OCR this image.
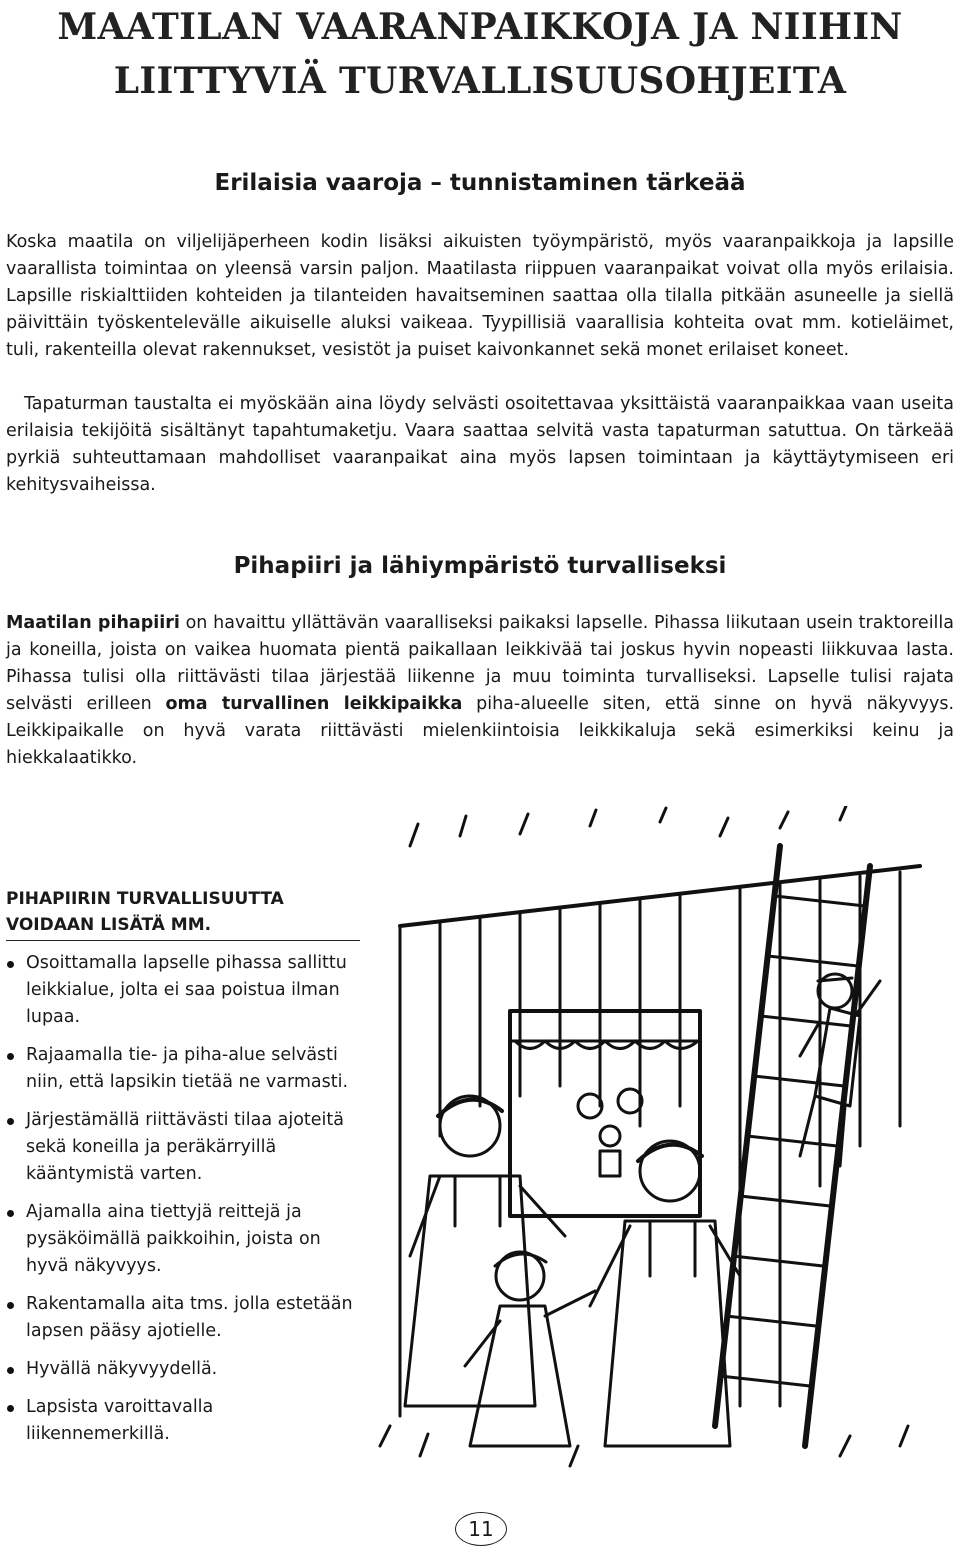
MAATILAN VAARANPAIKKOJA JA NIIHIN
LIITTYVIÄ TURVALLISUUSOHJEITA
Erilaisia vaaroja – tunnistaminen tärkeää

Koska maatila on viljelijäperheen kodin lisäksi aikuisten työympäristö, myös vaaranpaikkoja ja lapsille vaarallista toimintaa on yleensä varsin paljon. Maatilasta riippuen vaaranpaikat voivat olla myös erilaisia. Lapsille riskialttiiden kohteiden ja tilanteiden havaitseminen saattaa olla tilalla pitkään asuneelle ja siellä päivittäin työskentelevälle aikuiselle aluksi vaikeaa. Tyypillisiä vaarallisia kohteita ovat mm. kotieläimet, tuli, rakenteilla olevat rakennukset, vesistöt ja puiset kaivonkannet sekä monet erilaiset koneet.

Tapaturman taustalta ei myöskään aina löydy selvästi osoitettavaa yksittäistä vaaranpaikkaa vaan useita erilaisia tekijöitä sisältänyt tapahtumaketju. Vaara saattaa selvitä vasta tapaturman satuttua. On tärkeää pyrkiä suhteuttamaan mahdolliset vaaranpaikat aina myös lapsen toimintaan ja käyttäytymiseen eri kehitysvaiheissa.

Pihapiiri ja lähiympäristö turvalliseksi

Maatilan pihapiiri on havaittu yllättävän vaaralliseksi paikaksi lapselle. Pihassa liikutaan usein traktoreilla ja koneilla, joista on vaikea huomata pientä paikallaan leikkivää tai joskus hyvin nopeasti liikkuvaa lasta. Pihassa tulisi olla riittävästi tilaa järjestää liikenne ja muu toiminta turvalliseksi. Lapselle tulisi rajata selvästi erilleen oma turvallinen leikkipaikka piha-alueelle siten, että sinne on hyvä näkyvyys. Leikkipaikalle on hyvä varata riittävästi mielenkiintoisia leikkikaluja sekä esimerkiksi keinu ja hiekkalaatikko.

PIHAPIIRIN TURVALLISUUTTA
VOIDAAN LISÄTÄ MM.
Osoittamalla lapselle pihassa sallittu leikkialue, jolta ei saa poistua ilman lupaa.
Rajaamalla tie- ja piha-alue selvästi niin, että lapsikin tietää ne varmasti.
Järjestämällä riittävästi tilaa ajoteitä sekä koneilla ja peräkärryillä kääntymistä varten.
Ajamalla aina tiettyjä reittejä ja pysäköimällä paikkoihin, joista on hyvä näkyvyys.
Rakentamalla aita tms. jolla estetään lapsen pääsy ajotielle.
Hyvällä näkyvyydellä.
Lapsista varoittavalla liikennemerkillä.
11
